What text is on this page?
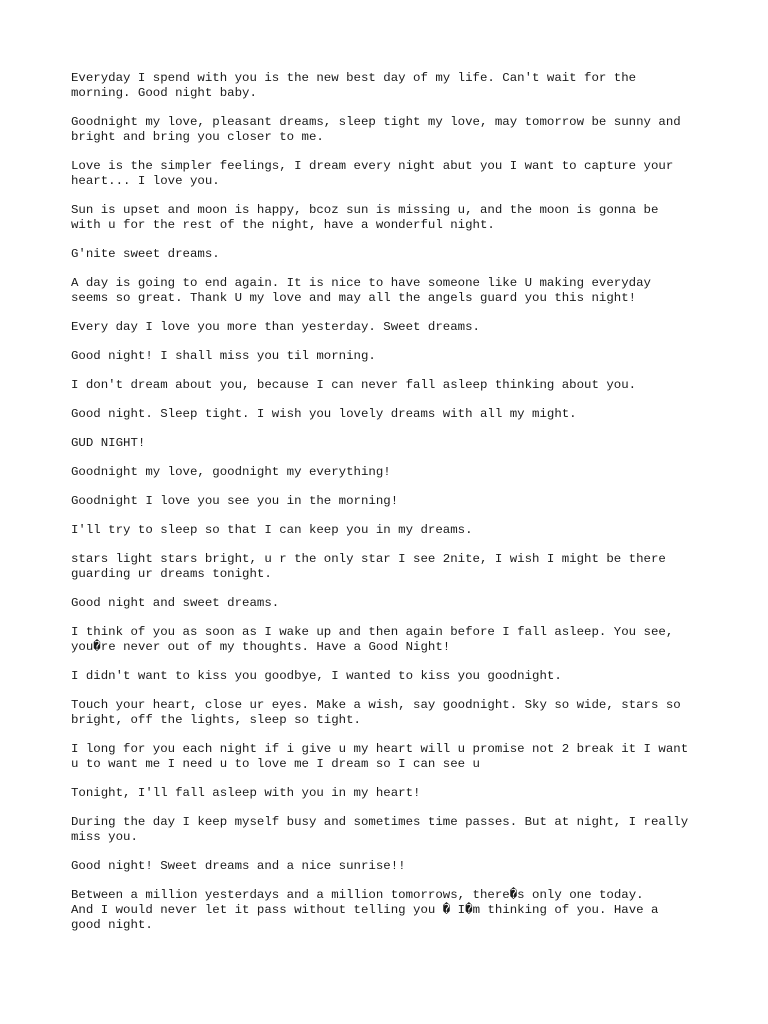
Everyday I spend with you is the new best day of my life. Can't wait for the
morning. Good night baby.

Goodnight my love, pleasant dreams, sleep tight my love, may tomorrow be sunny and
bright and bring you closer to me.

Love is the simpler feelings, I dream every night abut you I want to capture your
heart... I love you.

Sun is upset and moon is happy, bcoz sun is missing u, and the moon is gonna be
with u for the rest of the night, have a wonderful night.

G'nite sweet dreams.

A day is going to end again. It is nice to have someone like U making everyday
seems so great. Thank U my love and may all the angels guard you this night!

Every day I love you more than yesterday. Sweet dreams.

Good night! I shall miss you til morning.

I don't dream about you, because I can never fall asleep thinking about you.

Good night. Sleep tight. I wish you lovely dreams with all my might.

GUD NIGHT!

Goodnight my love, goodnight my everything!

Goodnight I love you see you in the morning!

I'll try to sleep so that I can keep you in my dreams.

stars light stars bright, u r the only star I see 2nite, I wish I might be there
guarding ur dreams tonight.

Good night and sweet dreams.

I think of you as soon as I wake up and then again before I fall asleep. You see,
you�re never out of my thoughts. Have a Good Night!

I didn't want to kiss you goodbye, I wanted to kiss you goodnight.

Touch your heart, close ur eyes. Make a wish, say goodnight. Sky so wide, stars so
bright, off the lights, sleep so tight.

I long for you each night if i give u my heart will u promise not 2 break it I want
u to want me I need u to love me I dream so I can see u

Tonight, I'll fall asleep with you in my heart!

During the day I keep myself busy and sometimes time passes. But at night, I really
miss you.

Good night! Sweet dreams and a nice sunrise!!

Between a million yesterdays and a million tomorrows, there�s only one today.
And I would never let it pass without telling you � I�m thinking of you. Have a
good night.
